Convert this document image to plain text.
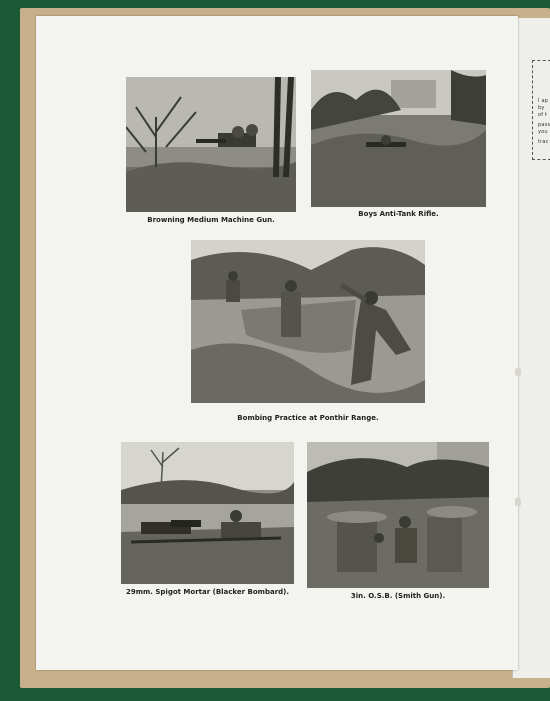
I ap
by
of t
pass
you
trac
Browning Medium Machine Gun.
Boys Anti-Tank Rifle.
Bombing Practice at Ponthir Range.
29mm. Spigot Mortar (Blacker Bombard).	3in. O.S.B. (Smith Gun).
